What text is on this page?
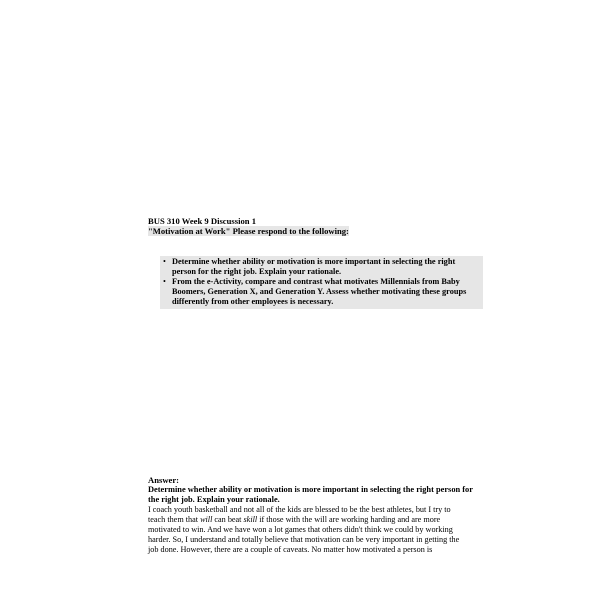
BUS 310 Week 9 Discussion 1
"Motivation at Work" Please respond to the following:
• Determine whether ability or motivation is more important in selecting the right
person for the right job. Explain your rationale.
• From the e-Activity, compare and contrast what motivates Millennials from Baby
Boomers, Generation X, and Generation Y. Assess whether motivating these groups
differently from other employees is necessary.
Answer:
Determine whether ability or motivation is more important in selecting the right person for
the right job. Explain your rationale.

I coach youth basketball and not all of the kids are blessed to be the best athletes, but I try to

teach them that will can beat skill if those with the will are working harding and are more

motivated to win. And we have won a lot games that others didn't think we could by working

harder. So, I understand and totally believe that motivation can be very important in getting the

job done. However, there are a couple of caveats. No matter how motivated a person is
